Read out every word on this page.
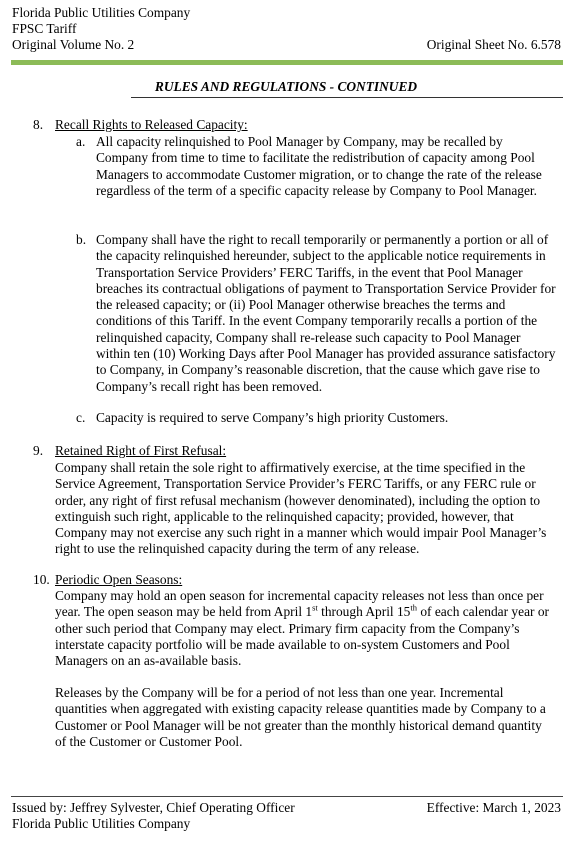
Florida Public Utilities Company
FPSC Tariff
Original Volume No. 2	Original Sheet No. 6.578
RULES AND REGULATIONS - CONTINUED
8. Recall Rights to Released Capacity:
a. All capacity relinquished to Pool Manager by Company, may be recalled by Company from time to time to facilitate the redistribution of capacity among Pool Managers to accommodate Customer migration, or to change the rate of the release regardless of the term of a specific capacity release by Company to Pool Manager.

b. Company shall have the right to recall temporarily or permanently a portion or all of the capacity relinquished hereunder, subject to the applicable notice requirements in Transportation Service Providers’ FERC Tariffs, in the event that Pool Manager breaches its contractual obligations of payment to Transportation Service Provider for the released capacity; or (ii) Pool Manager otherwise breaches the terms and conditions of this Tariff. In the event Company temporarily recalls a portion of the relinquished capacity, Company shall re-release such capacity to Pool Manager within ten (10) Working Days after Pool Manager has provided assurance satisfactory to Company, in Company’s reasonable discretion, that the cause which gave rise to Company’s recall right has been removed.

c. Capacity is required to serve Company’s high priority Customers.

9. Retained Right of First Refusal:

Company shall retain the sole right to affirmatively exercise, at the time specified in the Service Agreement, Transportation Service Provider’s FERC Tariffs, or any FERC rule or order, any right of first refusal mechanism (however denominated), including the option to extinguish such right, applicable to the relinquished capacity; provided, however, that Company may not exercise any such right in a manner which would impair Pool Manager’s right to use the relinquished capacity during the term of any release.

10. Periodic Open Seasons:

Company may hold an open season for incremental capacity releases not less than once per year. The open season may be held from April 1st through April 15th of each calendar year or other such period that Company may elect. Primary firm capacity from the Company’s interstate capacity portfolio will be made available to on-system Customers and Pool Managers on an as-available basis.

Releases by the Company will be for a period of not less than one year. Incremental quantities when aggregated with existing capacity release quantities made by Company to a Customer or Pool Manager will be not greater than the monthly historical demand quantity of the Customer or Customer Pool.

Issued by: Jeffrey Sylvester, Chief Operating Officer
Florida Public Utilities Company
Effective: March 1, 2023
